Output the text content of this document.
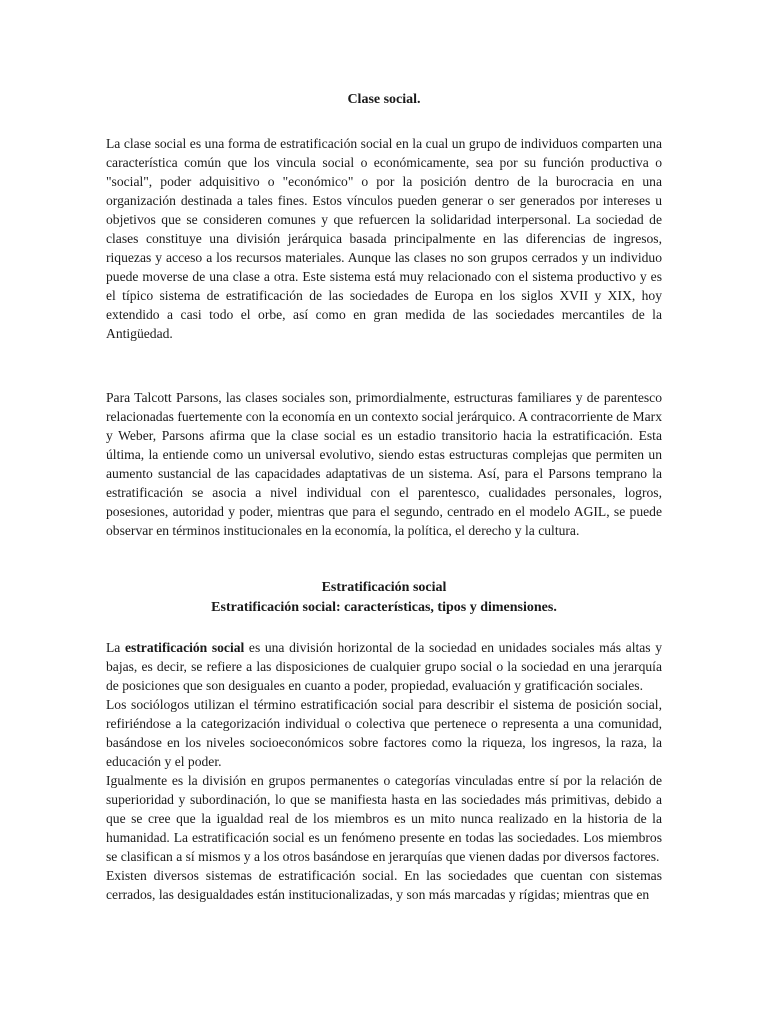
Clase social.

La clase social es una forma de estratificación social en la cual un grupo de individuos comparten una característica común que los vincula social o económicamente, sea por su función productiva o "social", poder adquisitivo o "económico" o por la posición dentro de la burocracia en una organización destinada a tales fines. Estos vínculos pueden generar o ser generados por intereses u objetivos que se consideren comunes y que refuercen la solidaridad interpersonal. La sociedad de clases constituye una división jerárquica basada principalmente en las diferencias de ingresos, riquezas y acceso a los recursos materiales. Aunque las clases no son grupos cerrados y un individuo puede moverse de una clase a otra. Este sistema está muy relacionado con el sistema productivo y es el típico sistema de estratificación de las sociedades de Europa en los siglos XVII y XIX, hoy extendido a casi todo el orbe, así como en gran medida de las sociedades mercantiles de la Antigüedad.

Para Talcott Parsons, las clases sociales son, primordialmente, estructuras familiares y de parentesco relacionadas fuertemente con la economía en un contexto social jerárquico. A contracorriente de Marx y Weber, Parsons afirma que la clase social es un estadio transitorio hacia la estratificación. Esta última, la entiende como un universal evolutivo, siendo estas estructuras complejas que permiten un aumento sustancial de las capacidades adaptativas de un sistema. Así, para el Parsons temprano la estratificación se asocia a nivel individual con el parentesco, cualidades personales, logros, posesiones, autoridad y poder, mientras que para el segundo, centrado en el modelo AGIL, se puede observar en términos institucionales en la economía, la política, el derecho y la cultura.

Estratificación social
Estratificación social: características, tipos y dimensiones.

La estratificación social es una división horizontal de la sociedad en unidades sociales más altas y bajas, es decir, se refiere a las disposiciones de cualquier grupo social o la sociedad en una jerarquía de posiciones que son desiguales en cuanto a poder, propiedad, evaluación y gratificación sociales.

Los sociólogos utilizan el término estratificación social para describir el sistema de posición social, refiriéndose a la categorización individual o colectiva que pertenece o representa a una comunidad, basándose en los niveles socioeconómicos sobre factores como la riqueza, los ingresos, la raza, la educación y el poder.

Igualmente es la división en grupos permanentes o categorías vinculadas entre sí por la relación de superioridad y subordinación, lo que se manifiesta hasta en las sociedades más primitivas, debido a que se cree que la igualdad real de los miembros es un mito nunca realizado en la historia de la humanidad. La estratificación social es un fenómeno presente en todas las sociedades. Los miembros se clasifican a sí mismos y a los otros basándose en jerarquías que vienen dadas por diversos factores.

Existen diversos sistemas de estratificación social. En las sociedades que cuentan con sistemas cerrados, las desigualdades están institucionalizadas, y son más marcadas y rígidas; mientras que en
